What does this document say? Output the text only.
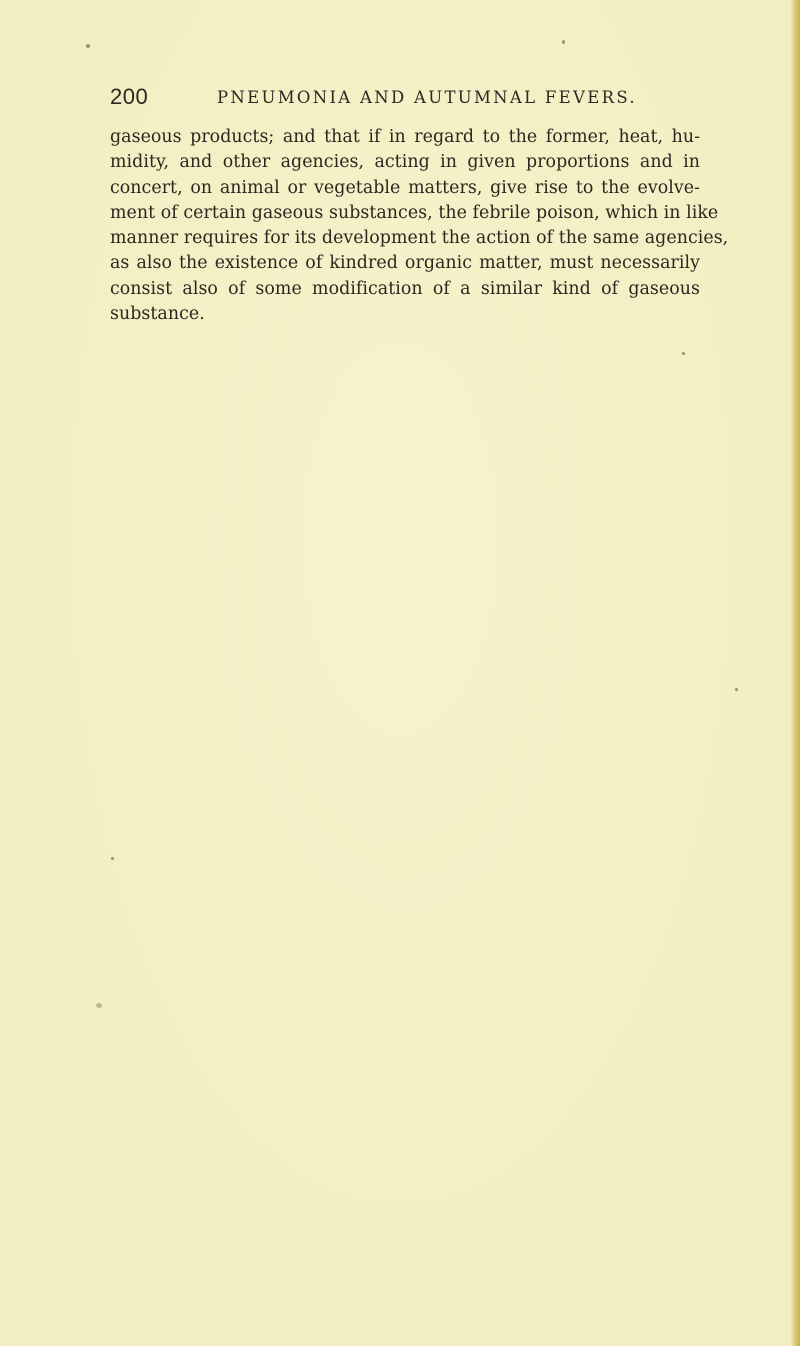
200	PNEUMONIA AND AUTUMNAL FEVERS.
gaseous products; and that if in regard to the former, heat, hu-
midity, and other agencies, acting in given proportions and in
concert, on animal or vegetable matters, give rise to the evolve-
ment of certain gaseous substances, the febrile poison, which in like
manner requires for its development the action of the same agencies,
as also the existence of kindred organic matter, must necessarily
consist also of some modification of a similar kind of gaseous
substance.
